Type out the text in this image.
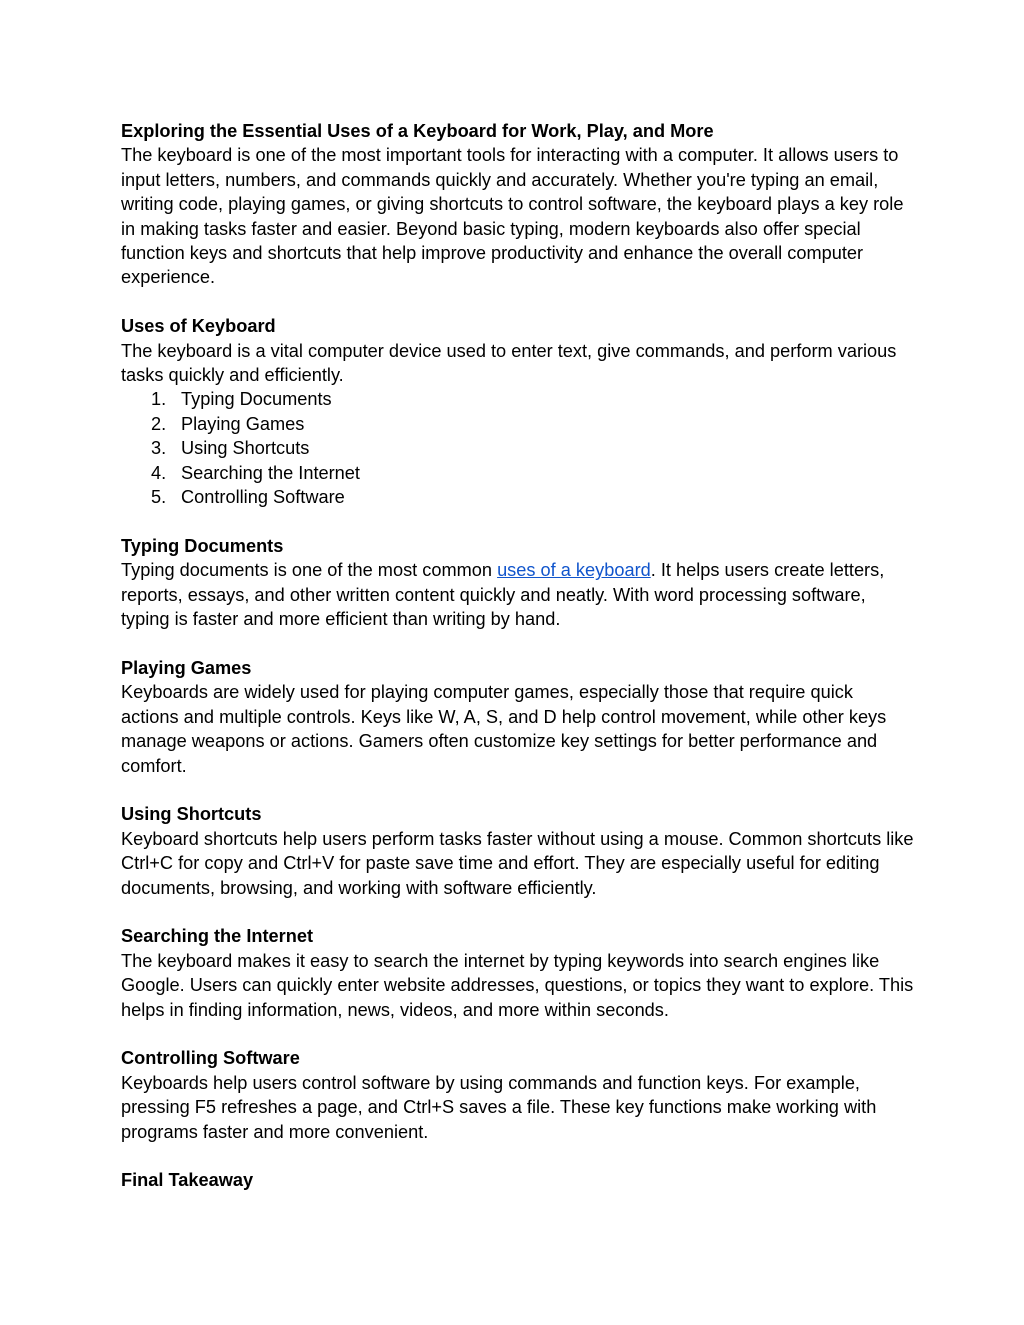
Exploring the Essential Uses of a Keyboard for Work, Play, and More

The keyboard is one of the most important tools for interacting with a computer. It allows users to input letters, numbers, and commands quickly and accurately. Whether you're typing an email, writing code, playing games, or giving shortcuts to control software, the keyboard plays a key role in making tasks faster and easier. Beyond basic typing, modern keyboards also offer special function keys and shortcuts that help improve productivity and enhance the overall computer experience.

Uses of Keyboard

The keyboard is a vital computer device used to enter text, give commands, and perform various tasks quickly and efficiently.

1. Typing Documents
2. Playing Games
3. Using Shortcuts
4. Searching the Internet
5. Controlling Software

Typing Documents

Typing documents is one of the most common uses of a keyboard. It helps users create letters, reports, essays, and other written content quickly and neatly. With word processing software, typing is faster and more efficient than writing by hand.

Playing Games

Keyboards are widely used for playing computer games, especially those that require quick actions and multiple controls. Keys like W, A, S, and D help control movement, while other keys manage weapons or actions. Gamers often customize key settings for better performance and comfort.

Using Shortcuts

Keyboard shortcuts help users perform tasks faster without using a mouse. Common shortcuts like Ctrl+C for copy and Ctrl+V for paste save time and effort. They are especially useful for editing documents, browsing, and working with software efficiently.

Searching the Internet

The keyboard makes it easy to search the internet by typing keywords into search engines like Google. Users can quickly enter website addresses, questions, or topics they want to explore. This helps in finding information, news, videos, and more within seconds.

Controlling Software

Keyboards help users control software by using commands and function keys. For example, pressing F5 refreshes a page, and Ctrl+S saves a file. These key functions make working with programs faster and more convenient.

Final Takeaway
